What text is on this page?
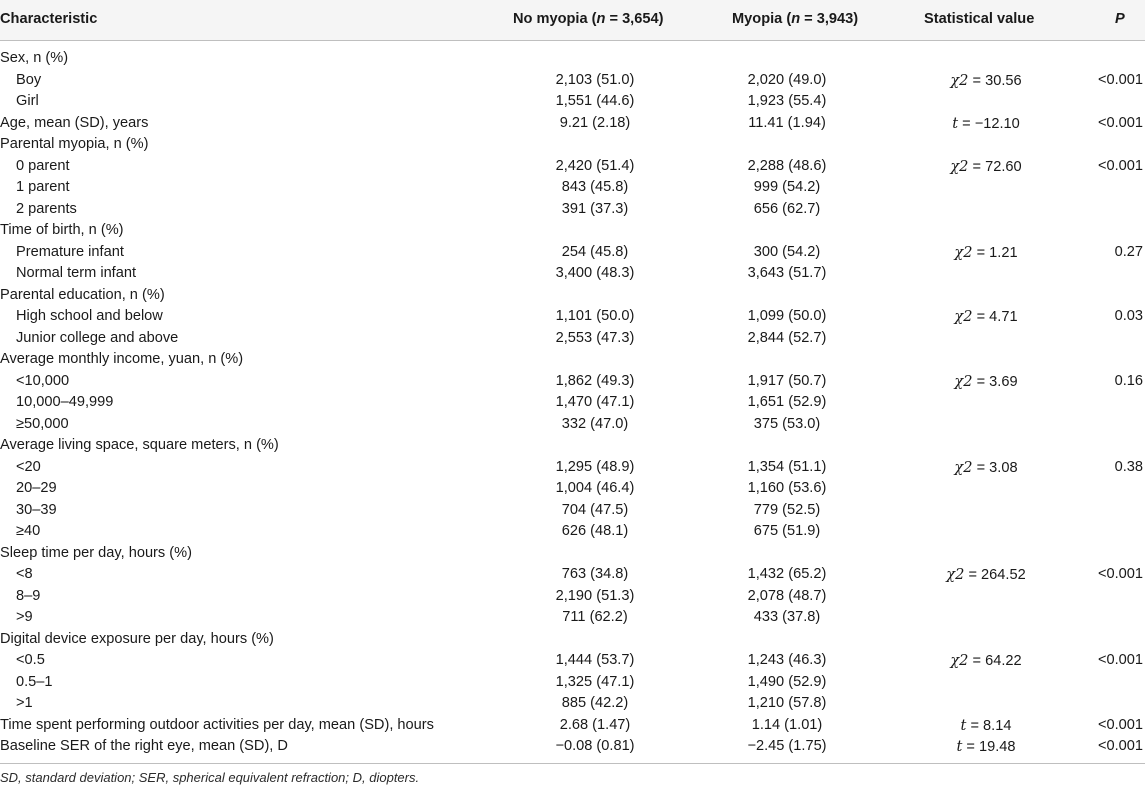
Characteristic	No myopia (n = 3,654)	Myopia (n = 3,943)	Statistical value	P
Sex, n (%)
Boy	2,103 (51.0)	2,020 (49.0)	χ2 = 30.56	<0.001
Girl	1,551 (44.6)	1,923 (55.4)
Age, mean (SD), years	9.21 (2.18)	11.41 (1.94)	t = −12.10	<0.001
Parental myopia, n (%)
0 parent	2,420 (51.4)	2,288 (48.6)	χ2 = 72.60	<0.001
1 parent	843 (45.8)	999 (54.2)
2 parents	391 (37.3)	656 (62.7)
Time of birth, n (%)
Premature infant	254 (45.8)	300 (54.2)	χ2 = 1.21	0.27
Normal term infant	3,400 (48.3)	3,643 (51.7)
Parental education, n (%)
High school and below	1,101 (50.0)	1,099 (50.0)	χ2 = 4.71	0.03
Junior college and above	2,553 (47.3)	2,844 (52.7)
Average monthly income, yuan, n (%)
<10,000	1,862 (49.3)	1,917 (50.7)	χ2 = 3.69	0.16
10,000–49,999	1,470 (47.1)	1,651 (52.9)
≥50,000	332 (47.0)	375 (53.0)
Average living space, square meters, n (%)
<20	1,295 (48.9)	1,354 (51.1)	χ2 = 3.08	0.38
20–29	1,004 (46.4)	1,160 (53.6)
30–39	704 (47.5)	779 (52.5)
≥40	626 (48.1)	675 (51.9)
Sleep time per day, hours (%)
<8	763 (34.8)	1,432 (65.2)	χ2 = 264.52	<0.001
8–9	2,190 (51.3)	2,078 (48.7)
>9	711 (62.2)	433 (37.8)
Digital device exposure per day, hours (%)
<0.5	1,444 (53.7)	1,243 (46.3)	χ2 = 64.22	<0.001
0.5–1	1,325 (47.1)	1,490 (52.9)
>1	885 (42.2)	1,210 (57.8)
Time spent performing outdoor activities per day, mean (SD), hours	2.68 (1.47)	1.14 (1.01)	t = 8.14	<0.001
Baseline SER of the right eye, mean (SD), D	−0.08 (0.81)	−2.45 (1.75)	t = 19.48	<0.001
SD, standard deviation; SER, spherical equivalent refraction; D, diopters.
